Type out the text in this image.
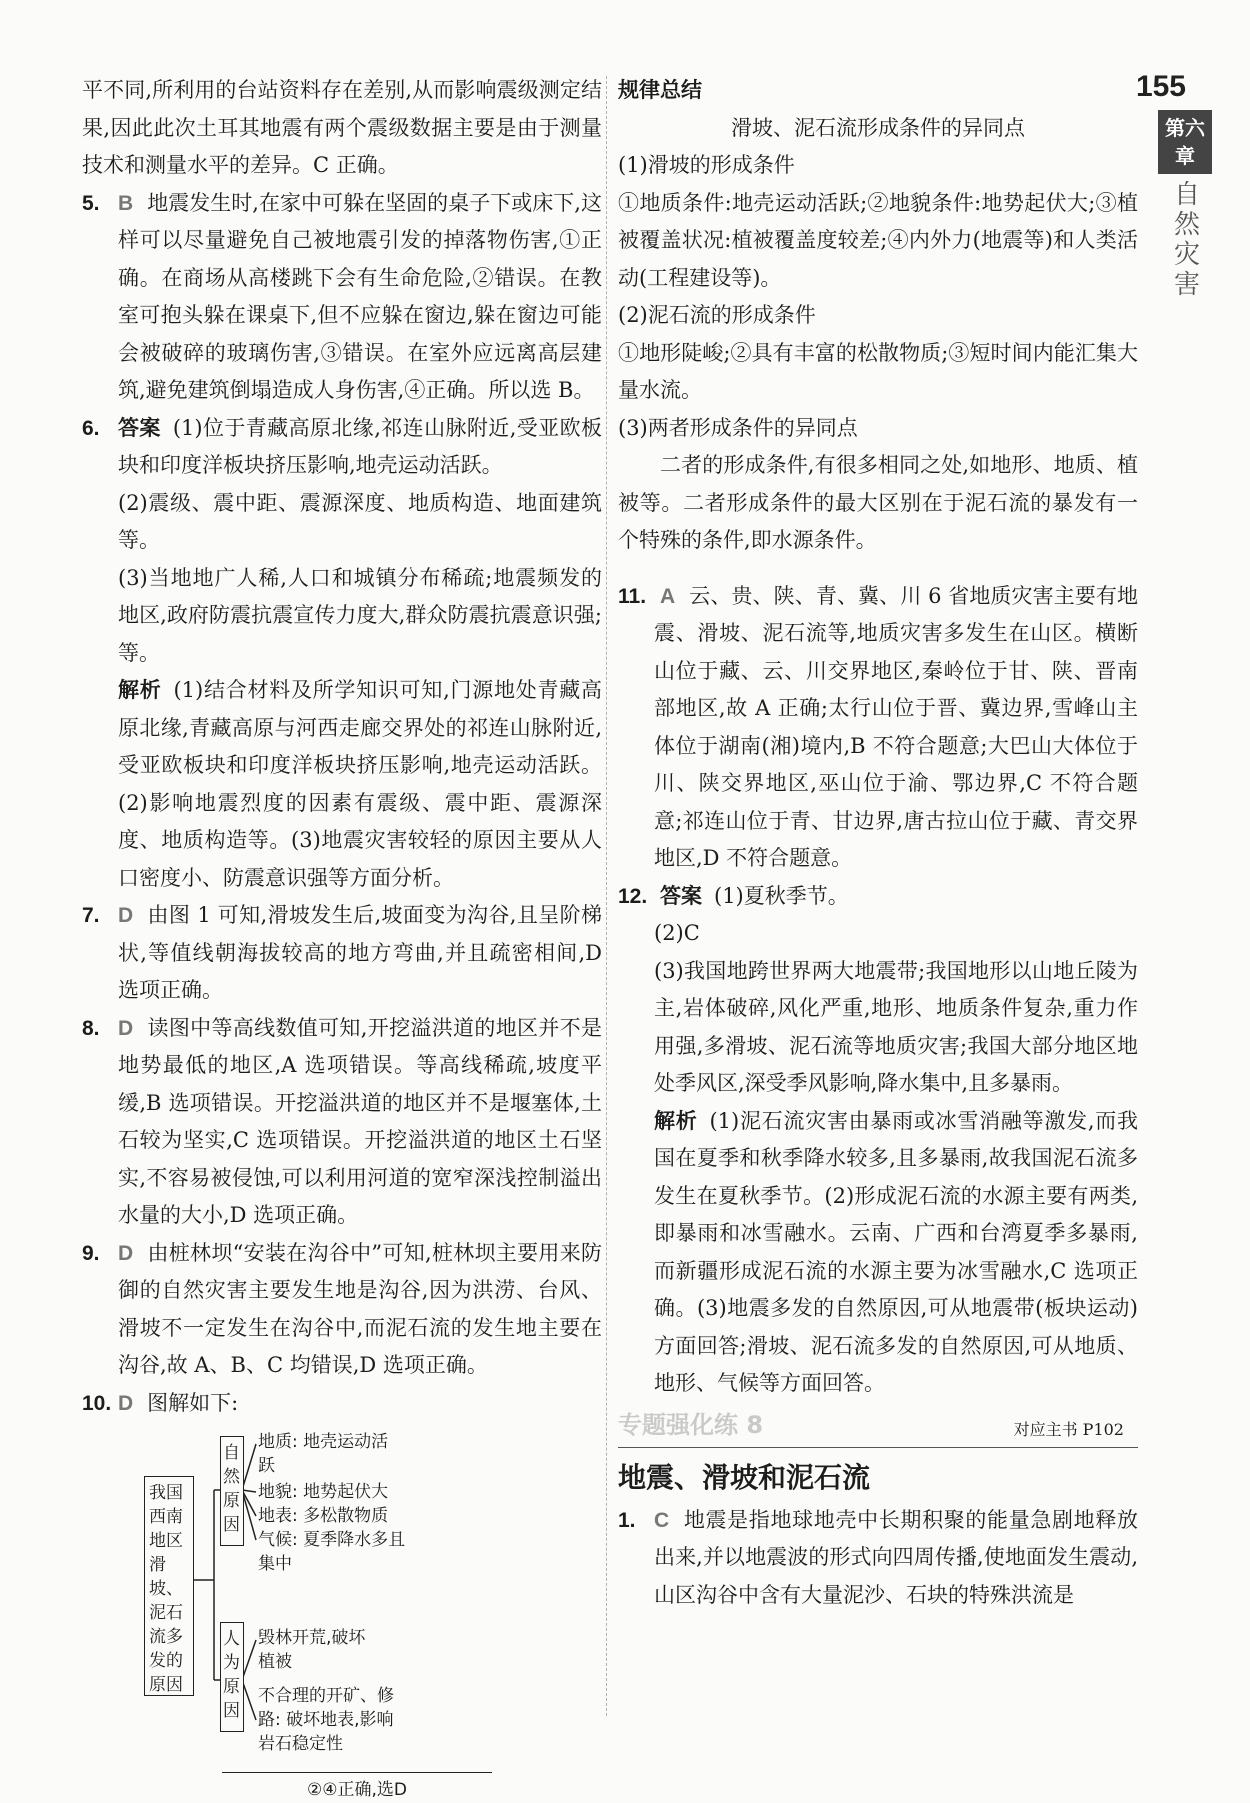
155
第六章
自然灾害

平不同,所利用的台站资料存在差别,从而影响震级测定结果,因此此次土耳其地震有两个震级数据主要是由于测量技术和测量水平的差异。C 正确。

5. B 地震发生时,在家中可躲在坚固的桌子下或床下,这样可以尽量避免自己被地震引发的掉落物伤害,①正确。在商场从高楼跳下会有生命危险,②错误。在教室可抱头躲在课桌下,但不应躲在窗边,躲在窗边可能会被破碎的玻璃伤害,③错误。在室外应远离高层建筑,避免建筑倒塌造成人身伤害,④正确。所以选 B。

6. 答案 (1)位于青藏高原北缘,祁连山脉附近,受亚欧板块和印度洋板块挤压影响,地壳运动活跃。

(2)震级、震中距、震源深度、地质构造、地面建筑等。

(3)当地地广人稀,人口和城镇分布稀疏;地震频发的地区,政府防震抗震宣传力度大,群众防震抗震意识强;等。

解析 (1)结合材料及所学知识可知,门源地处青藏高原北缘,青藏高原与河西走廊交界处的祁连山脉附近,受亚欧板块和印度洋板块挤压影响,地壳运动活跃。(2)影响地震烈度的因素有震级、震中距、震源深度、地质构造等。(3)地震灾害较轻的原因主要从人口密度小、防震意识强等方面分析。

7. D 由图 1 可知,滑坡发生后,坡面变为沟谷,且呈阶梯状,等值线朝海拔较高的地方弯曲,并且疏密相间,D 选项正确。

8. D 读图中等高线数值可知,开挖溢洪道的地区并不是地势最低的地区,A 选项错误。等高线稀疏,坡度平缓,B 选项错误。开挖溢洪道的地区并不是堰塞体,土石较为坚实,C 选项错误。开挖溢洪道的地区土石坚实,不容易被侵蚀,可以利用河道的宽窄深浅控制溢出水量的大小,D 选项正确。

9. D 由桩林坝“安装在沟谷中”可知,桩林坝主要用来防御的自然灾害主要发生地是沟谷,因为洪涝、台风、滑坡不一定发生在沟谷中,而泥石流的发生地主要在沟谷,故 A、B、C 均错误,D 选项正确。

10. D 图解如下:

我国西南地区滑坡、泥石流多发的原因
自然原因
人为原因
地质: 地壳运动活跃
地貌: 地势起伏大
地表: 多松散物质
气候: 夏季降水多且集中
毁林开荒,破坏植被
不合理的开矿、修路: 破坏地表,影响岩石稳定性
②④正确,选D

规律总结

滑坡、泥石流形成条件的异同点

(1)滑坡的形成条件

①地质条件:地壳运动活跃;②地貌条件:地势起伏大;③植被覆盖状况:植被覆盖度较差;④内外力(地震等)和人类活动(工程建设等)。

(2)泥石流的形成条件

①地形陡峻;②具有丰富的松散物质;③短时间内能汇集大量水流。

(3)两者形成条件的异同点

二者的形成条件,有很多相同之处,如地形、地质、植被等。二者形成条件的最大区别在于泥石流的暴发有一个特殊的条件,即水源条件。

11. A 云、贵、陕、青、冀、川 6 省地质灾害主要有地震、滑坡、泥石流等,地质灾害多发生在山区。横断山位于藏、云、川交界地区,秦岭位于甘、陕、晋南部地区,故 A 正确;太行山位于晋、冀边界,雪峰山主体位于湖南(湘)境内,B 不符合题意;大巴山大体位于川、陕交界地区,巫山位于渝、鄂边界,C 不符合题意;祁连山位于青、甘边界,唐古拉山位于藏、青交界地区,D 不符合题意。

12. 答案 (1)夏秋季节。

(2)C

(3)我国地跨世界两大地震带;我国地形以山地丘陵为主,岩体破碎,风化严重,地形、地质条件复杂,重力作用强,多滑坡、泥石流等地质灾害;我国大部分地区地处季风区,深受季风影响,降水集中,且多暴雨。

解析 (1)泥石流灾害由暴雨或冰雪消融等激发,而我国在夏季和秋季降水较多,且多暴雨,故我国泥石流多发生在夏秋季节。(2)形成泥石流的水源主要有两类,即暴雨和冰雪融水。云南、广西和台湾夏季多暴雨,而新疆形成泥石流的水源主要为冰雪融水,C 选项正确。(3)地震多发的自然原因,可从地震带(板块运动)方面回答;滑坡、泥石流多发的自然原因,可从地质、地形、气候等方面回答。

专题强化练 8	对应主书 P102

地震、滑坡和泥石流

1. C 地震是指地球地壳中长期积聚的能量急剧地释放出来,并以地震波的形式向四周传播,使地面发生震动,山区沟谷中含有大量泥沙、石块的特殊洪流是
